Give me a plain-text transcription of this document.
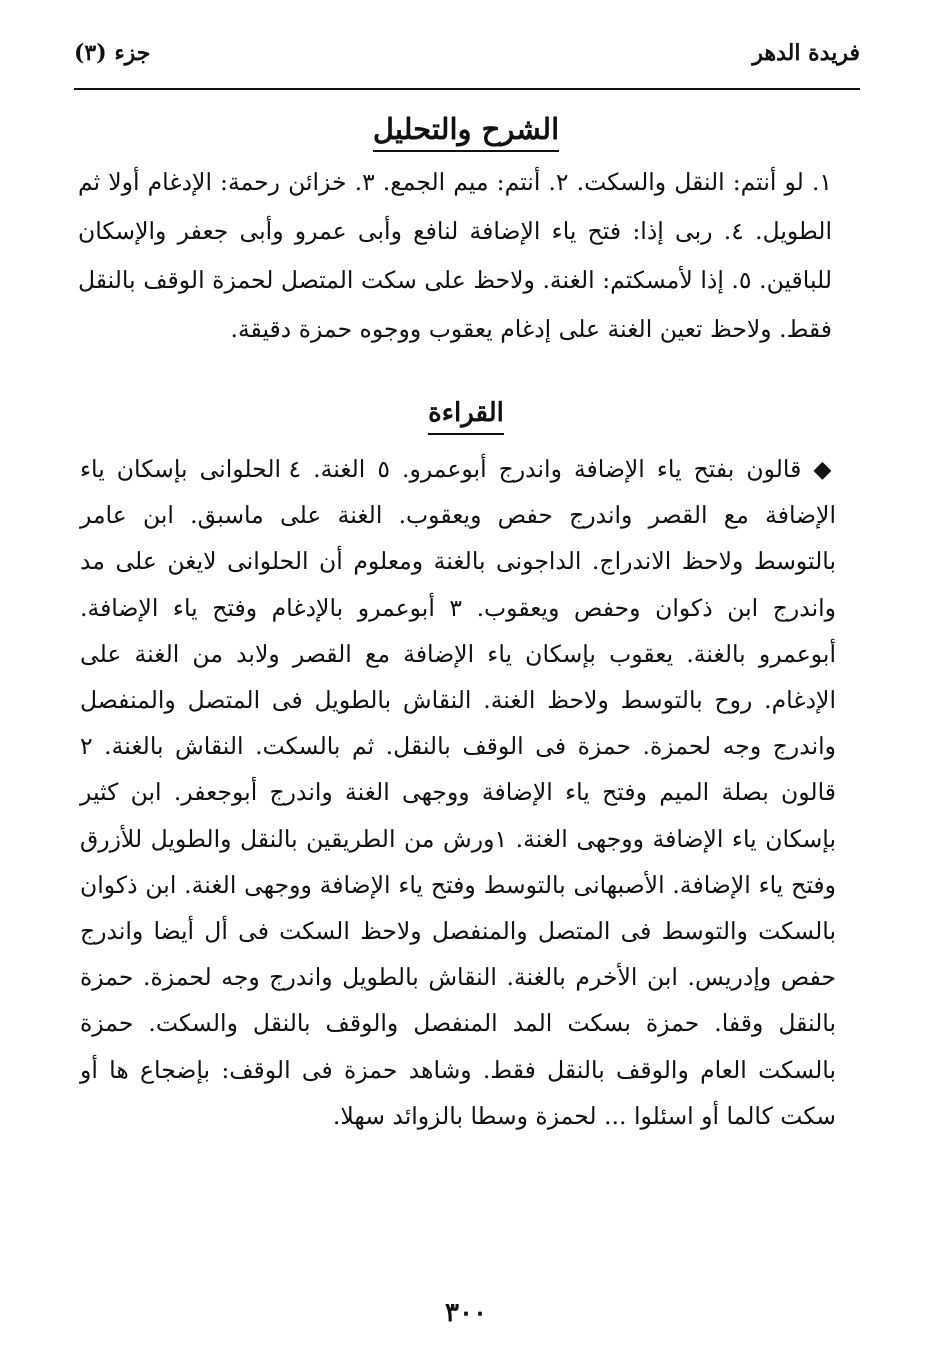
فريدة الدهر
جزء (٣)
الشرح والتحليل

١. لو أنتم: النقل والسكت. ٢. أنتم: ميم الجمع. ٣. خزائن رحمة: الإدغام أولا ثم الطويل. ٤. ربى إذا: فتح ياء الإضافة لنافع وأبى عمرو وأبى جعفر والإسكان للباقين. ٥. إذا لأمسكتم: الغنة. ولاحظ على سكت المتصل لحمزة الوقف بالنقل فقط. ولاحظ تعين الغنة على إدغام يعقوب ووجوه حمزة دقيقة.

القراءة

◆ قالون بفتح ياء الإضافة واندرج أبوعمرو. ٥ الغنة. ٤ الحلوانى بإسكان ياء الإضافة مع القصر واندرج حفص ويعقوب. الغنة على ماسبق. ابن عامر بالتوسط ولاحظ الاندراج. الداجونى بالغنة ومعلوم أن الحلوانى لايغن على مد واندرج ابن ذكوان وحفص ويعقوب. ٣ أبوعمرو بالإدغام وفتح ياء الإضافة. أبوعمرو بالغنة. يعقوب بإسكان ياء الإضافة مع القصر ولابد من الغنة على الإدغام. روح بالتوسط ولاحظ الغنة. النقاش بالطويل فى المتصل والمنفصل واندرج وجه لحمزة. حمزة فى الوقف بالنقل. ثم بالسكت. النقاش بالغنة. ٢ قالون بصلة الميم وفتح ياء الإضافة ووجهى الغنة واندرج أبوجعفر. ابن كثير بإسكان ياء الإضافة ووجهى الغنة. ١ورش من الطريقين بالنقل والطويل للأزرق وفتح ياء الإضافة. الأصبهانى بالتوسط وفتح ياء الإضافة ووجهى الغنة. ابن ذكوان بالسكت والتوسط فى المتصل والمنفصل ولاحظ السكت فى أل أيضا واندرج حفص وإدريس. ابن الأخرم بالغنة. النقاش بالطويل واندرج وجه لحمزة. حمزة بالنقل وقفا. حمزة بسكت المد المنفصل والوقف بالنقل والسكت. حمزة بالسكت العام والوقف بالنقل فقط. وشاهد حمزة فى الوقف: بإضجاع ها أو سكت كالما أو اسئلوا ... لحمزة وسطا بالزوائد سهلا.

٣٠٠
